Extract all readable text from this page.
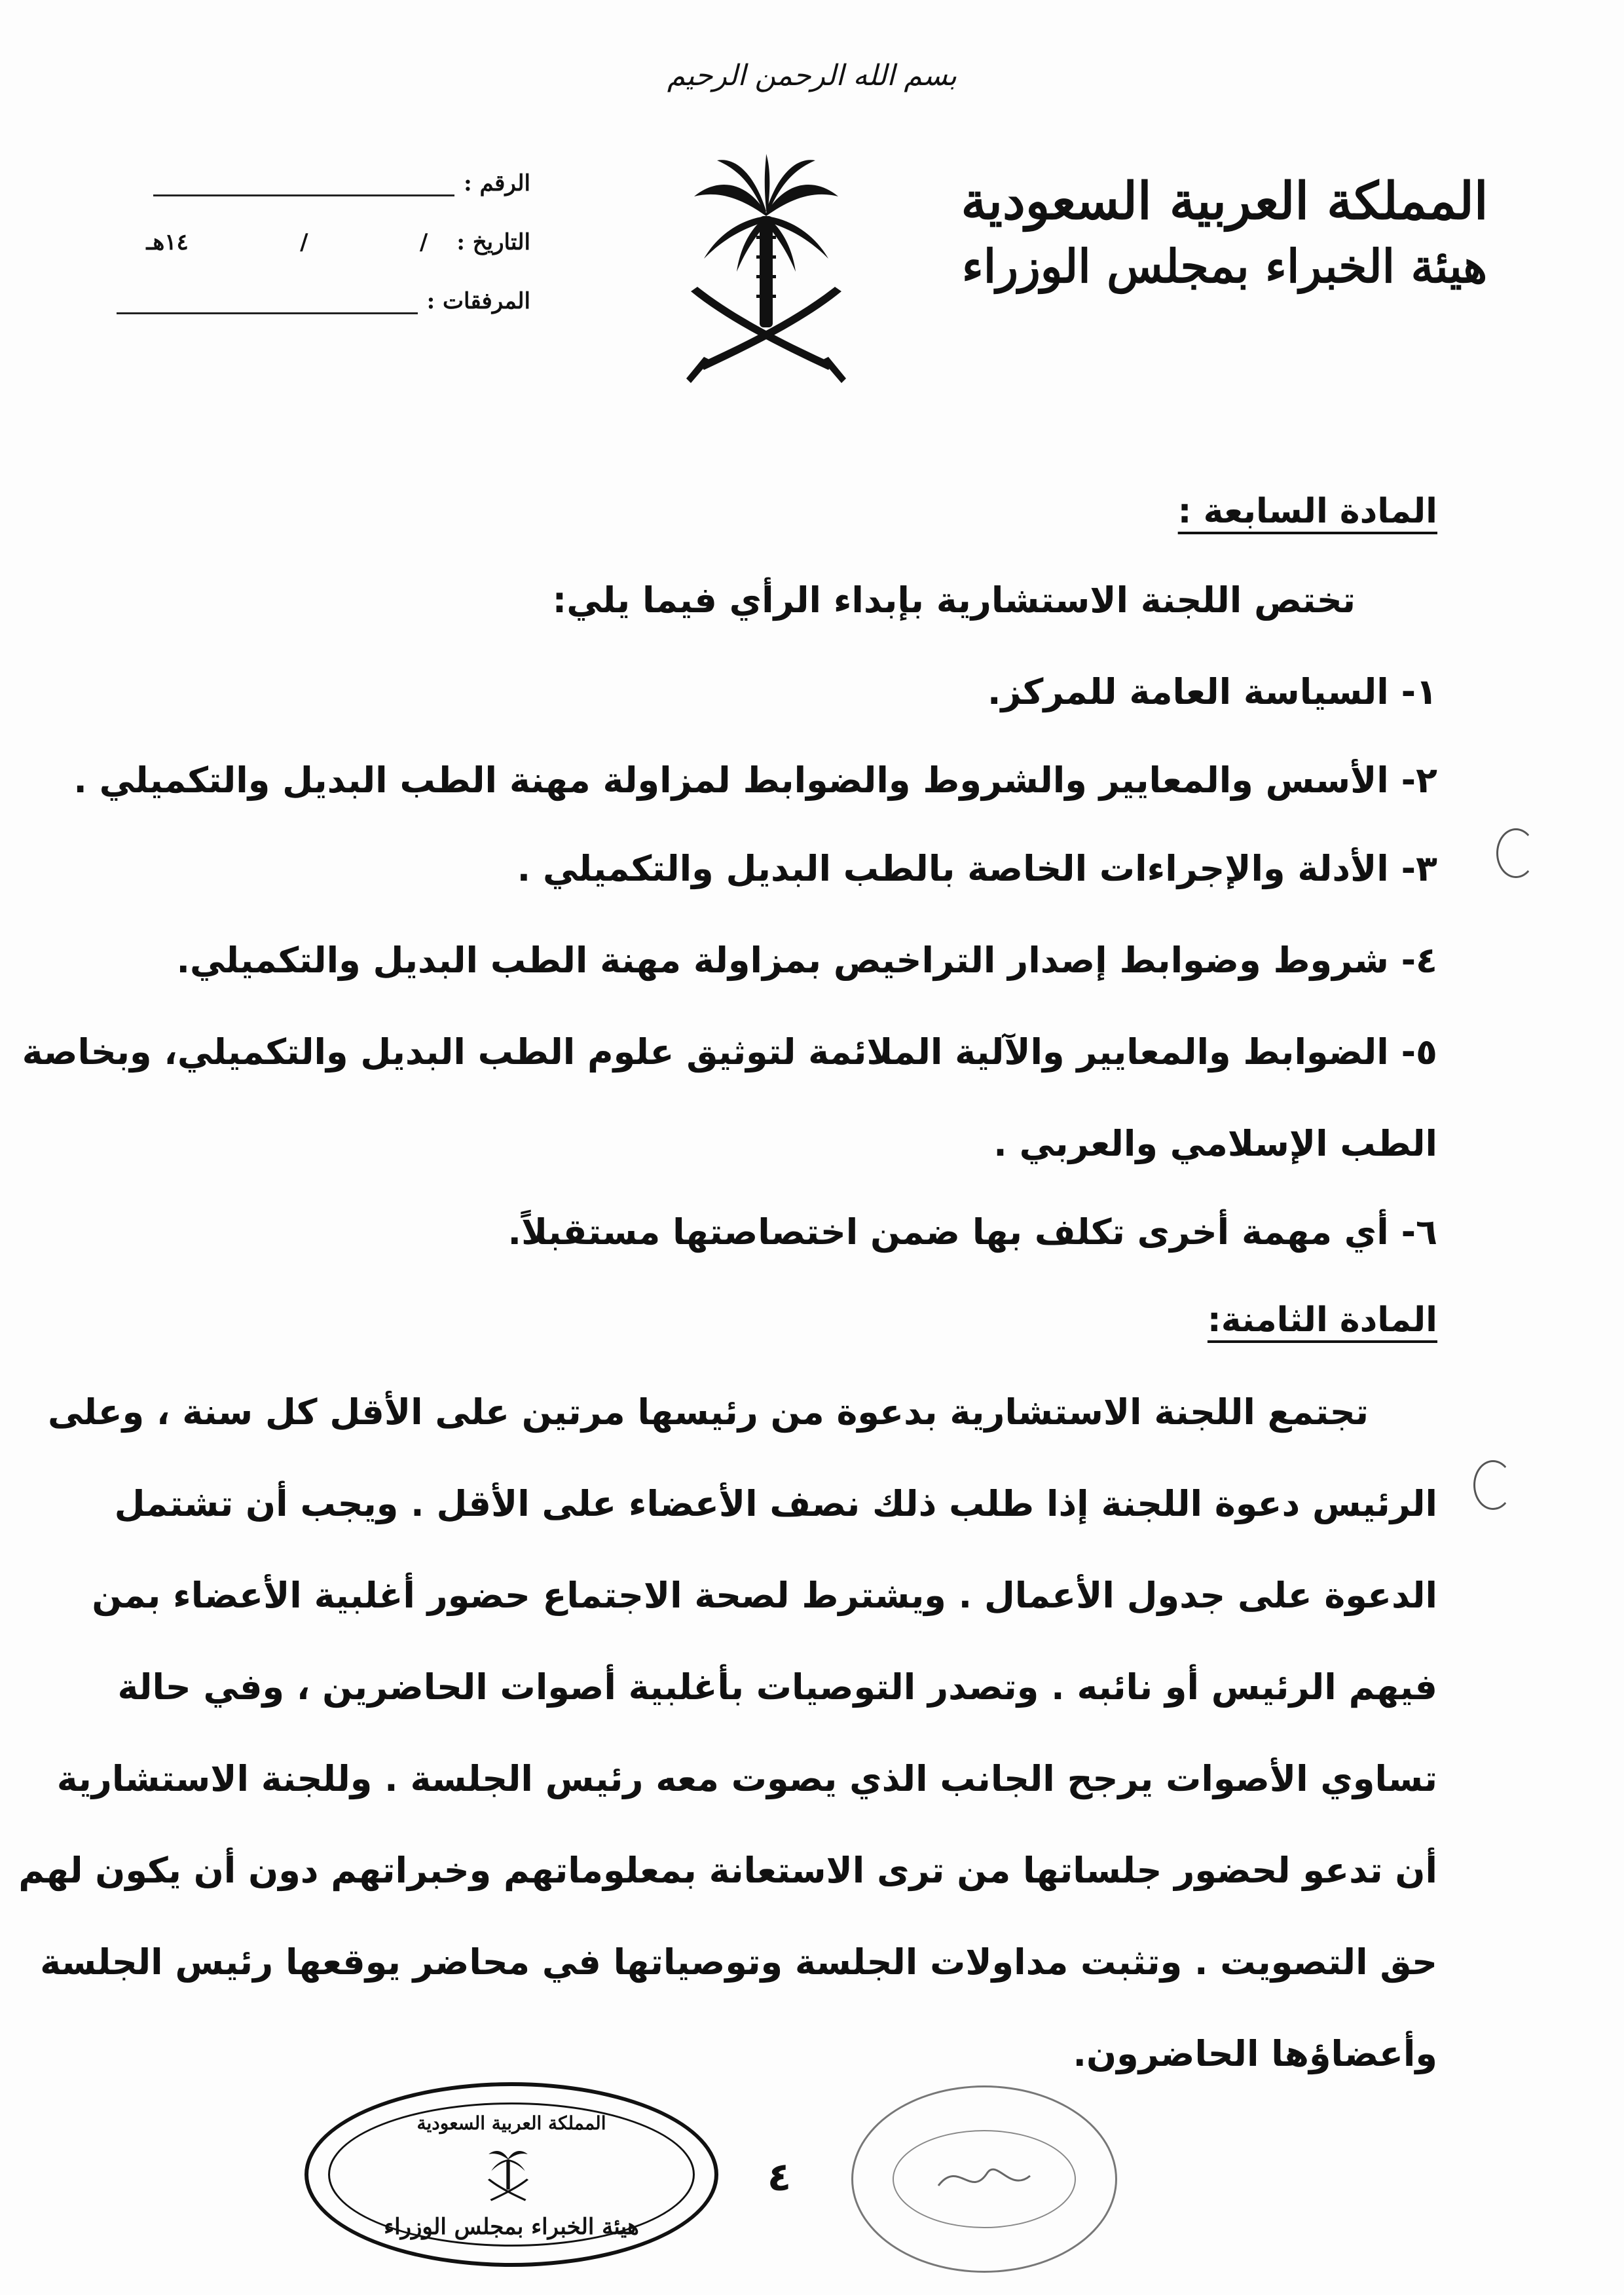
بسم الله الرحمن الرحيم
المملكة العربية السعودية
هيئة الخبراء بمجلس الوزراء
الرقم :
التاريخ :
/
/
١٤هـ
المرفقات :
المادة السابعة :
تختص اللجنة الاستشارية بإبداء الرأي فيما يلي:
١- السياسة العامة للمركز.
٢- الأسس والمعايير والشروط والضوابط لمزاولة مهنة الطب البديل والتكميلي .
٣- الأدلة والإجراءات الخاصة بالطب البديل والتكميلي .
٤- شروط وضوابط إصدار التراخيص بمزاولة مهنة الطب البديل والتكميلي.
٥- الضوابط والمعايير والآلية الملائمة لتوثيق علوم الطب البديل والتكميلي، وبخاصة
الطب الإسلامي والعربي .
٦- أي مهمة أخرى تكلف بها ضمن اختصاصتها مستقبلاً.
المادة الثامنة:
تجتمع اللجنة الاستشارية بدعوة من رئيسها مرتين على الأقل كل سنة ، وعلى
الرئيس دعوة اللجنة إذا طلب ذلك نصف الأعضاء على الأقل . ويجب أن تشتمل
الدعوة على جدول الأعمال . ويشترط لصحة الاجتماع حضور أغلبية الأعضاء بمن
فيهم الرئيس أو نائبه . وتصدر التوصيات بأغلبية أصوات الحاضرين ، وفي حالة
تساوي الأصوات يرجح الجانب الذي يصوت معه رئيس الجلسة . وللجنة الاستشارية
أن تدعو لحضور جلساتها من ترى الاستعانة بمعلوماتهم وخبراتهم دون أن يكون لهم
حق التصويت . وتثبت مداولات الجلسة وتوصياتها في محاضر يوقعها رئيس الجلسة
وأعضاؤها الحاضرون.
المملكة العربية السعودية
هيئة الخبراء بمجلس الوزراء
٤
